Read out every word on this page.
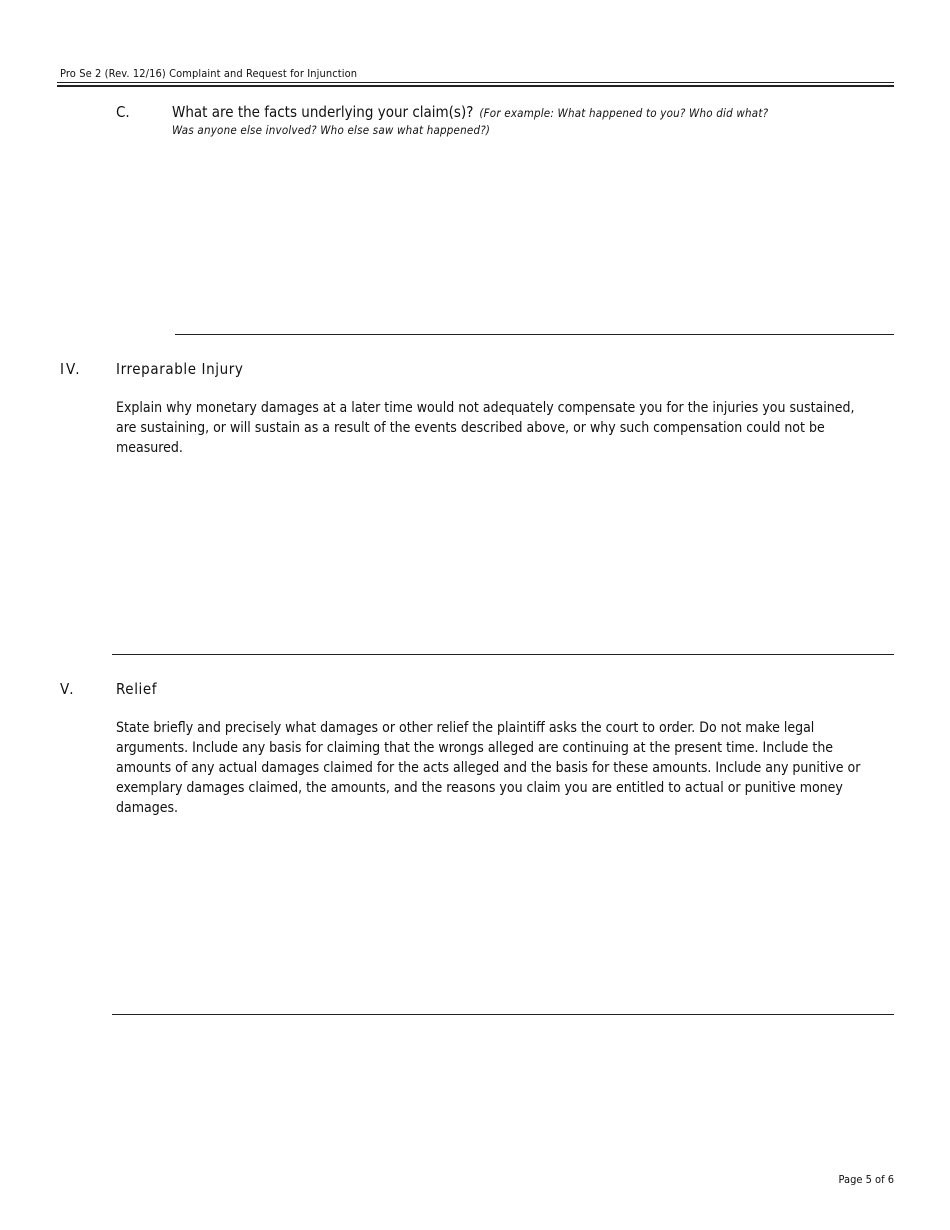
Pro Se 2 (Rev. 12/16) Complaint and Request for Injunction
C.	What are the facts underlying your claim(s)? (For example: What happened to you? Who did what?
Was anyone else involved? Who else saw what happened?)
IV. Irreparable Injury
Explain why monetary damages at a later time would not adequately compensate you for the injuries you sustained, are sustaining, or will sustain as a result of the events described above, or why such compensation could not be measured.
V.	Relief
State briefly and precisely what damages or other relief the plaintiff asks the court to order. Do not make legal arguments. Include any basis for claiming that the wrongs alleged are continuing at the present time. Include the amounts of any actual damages claimed for the acts alleged and the basis for these amounts. Include any punitive or exemplary damages claimed, the amounts, and the reasons you claim you are entitled to actual or punitive money damages.
Page 5 of 6
